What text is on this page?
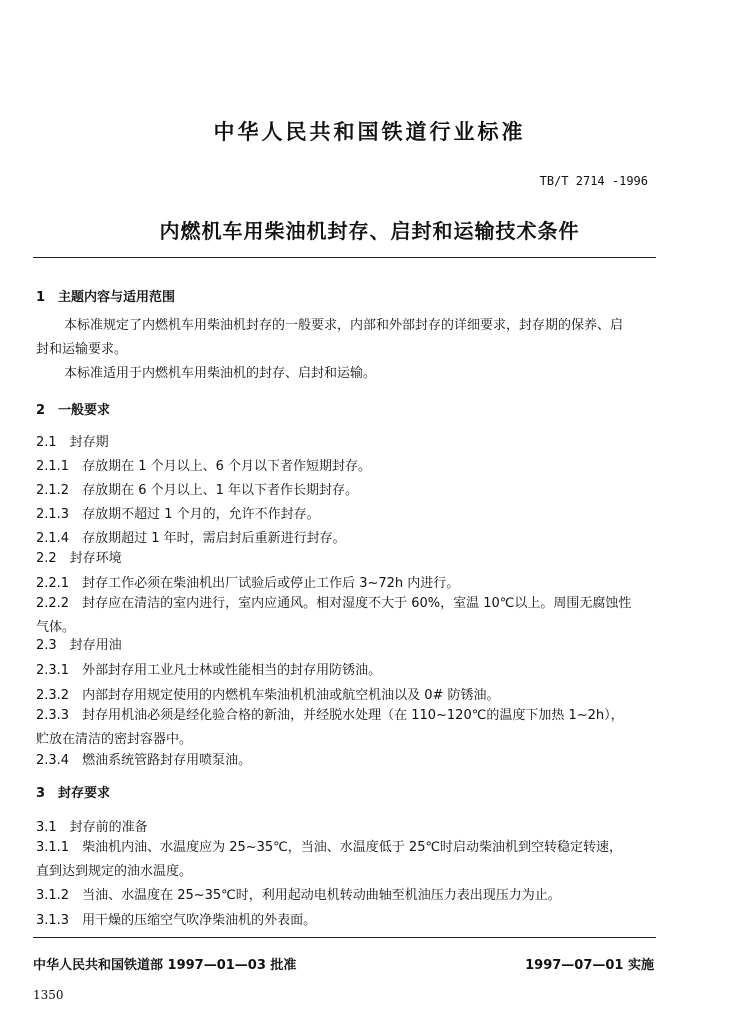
中华人民共和国铁道行业标准
TB/T 2714 -1996
内燃机车用柴油机封存、启封和运输技术条件
1　主题内容与适用范围
本标准规定了内燃机车用柴油机封存的一般要求，内部和外部封存的详细要求，封存期的保养、启封和运输要求。
本标准适用于内燃机车用柴油机的封存、启封和运输。
2　一般要求
2.1　封存期
2.1.1　存放期在 1 个月以上、6 个月以下者作短期封存。
2.1.2　存放期在 6 个月以上、1 年以下者作长期封存。
2.1.3　存放期不超过 1 个月的，允许不作封存。
2.1.4　存放期超过 1 年时，需启封后重新进行封存。
2.2　封存环境
2.2.1　封存工作必须在柴油机出厂试验后或停止工作后 3~72h 内进行。
2.2.2　封存应在清洁的室内进行，室内应通风。相对湿度不大于 60%，室温 10℃以上。周围无腐蚀性气体。
2.3　封存用油
2.3.1　外部封存用工业凡士林或性能相当的封存用防锈油。
2.3.2　内部封存用规定使用的内燃机车柴油机机油或航空机油以及 0# 防锈油。
2.3.3　封存用机油必须是经化验合格的新油，并经脱水处理（在 110~120℃的温度下加热 1~2h），贮放在清洁的密封容器中。
2.3.4　燃油系统管路封存用喷泵油。
3　封存要求
3.1　封存前的准备
3.1.1　柴油机内油、水温度应为 25~35℃，当油、水温度低于 25℃时启动柴油机到空转稳定转速，直到达到规定的油水温度。
3.1.2　当油、水温度在 25~35℃时，利用起动电机转动曲轴至机油压力表出现压力为止。
3.1.3　用干燥的压缩空气吹净柴油机的外表面。
中华人民共和国铁道部 1997—01—03 批准	1997—07—01 实施
1350
